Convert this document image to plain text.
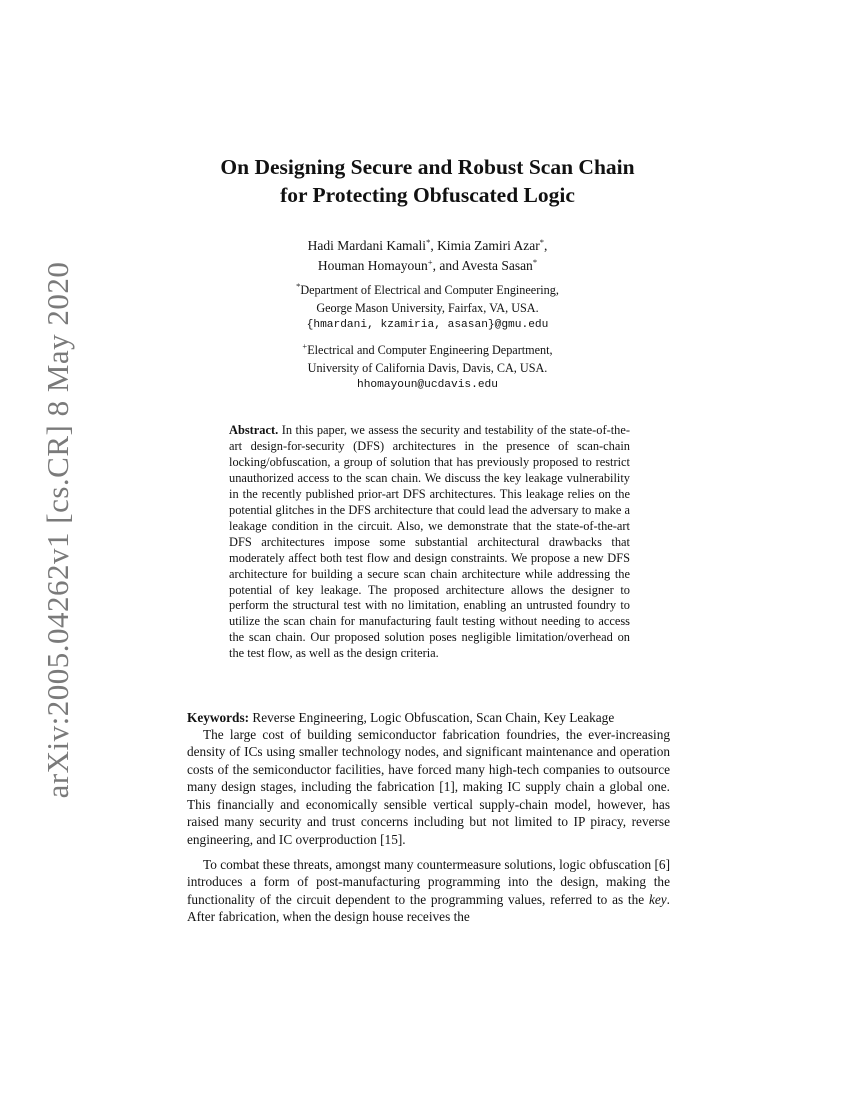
arXiv:2005.04262v1 [cs.CR] 8 May 2020
On Designing Secure and Robust Scan Chain
for Protecting Obfuscated Logic
Hadi Mardani Kamali*, Kimia Zamiri Azar*,
Houman Homayoun+, and Avesta Sasan*
*Department of Electrical and Computer Engineering,
George Mason University, Fairfax, VA, USA.
{hmardani, kzamiria, asasan}@gmu.edu
+Electrical and Computer Engineering Department,
University of California Davis, Davis, CA, USA.
hhomayoun@ucdavis.edu

Abstract. In this paper, we assess the security and testability of the state-of-the-art design-for-security (DFS) architectures in the presence of scan-chain locking/obfuscation, a group of solution that has previously proposed to restrict unauthorized access to the scan chain. We discuss the key leakage vulnerability in the recently published prior-art DFS architectures. This leakage relies on the potential glitches in the DFS architecture that could lead the adversary to make a leakage condition in the circuit. Also, we demonstrate that the state-of-the-art DFS architectures impose some substantial architectural drawbacks that moderately affect both test flow and design constraints. We propose a new DFS architecture for building a secure scan chain architecture while addressing the potential of key leakage. The proposed architecture allows the designer to perform the structural test with no limitation, enabling an untrusted foundry to utilize the scan chain for manufacturing fault testing without needing to access the scan chain. Our proposed solution poses negligible limitation/overhead on the test flow, as well as the design criteria.

Keywords: Reverse Engineering, Logic Obfuscation, Scan Chain, Key Leakage

The large cost of building semiconductor fabrication foundries, the ever-increasing density of ICs using smaller technology nodes, and significant maintenance and operation costs of the semiconductor facilities, have forced many high-tech companies to outsource many design stages, including the fabrication [1], making IC supply chain a global one. This financially and economically sensible vertical supply-chain model, however, has raised many security and trust concerns including but not limited to IP piracy, reverse engineering, and IC overproduction [15].

To combat these threats, amongst many countermeasure solutions, logic obfuscation [6] introduces a form of post-manufacturing programming into the design, making the functionality of the circuit dependent to the programming values, referred to as the key. After fabrication, when the design house receives the
